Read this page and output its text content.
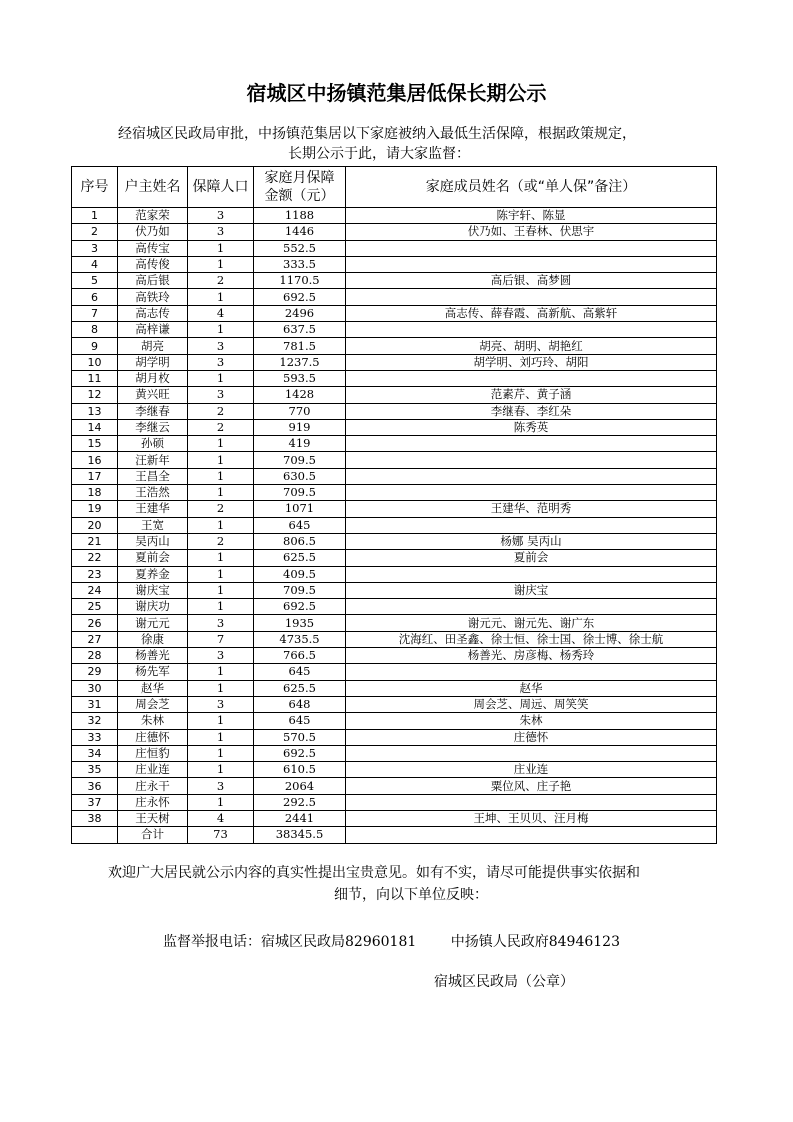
宿城区中扬镇范集居低保长期公示

经宿城区民政局审批，中扬镇范集居以下家庭被纳入最低生活保障，根据政策规定，

长期公示于此，请大家监督：

序号	户主姓名	保障人口	家庭月保障
金额（元）	家庭成员姓名（或“单人保”备注）
1	范家荣	3	1188	陈宇轩、陈显
2	伏乃如	3	1446	伏乃如、王春林、伏思宇
3	高传宝	1	552.5	
4	高传俊	1	333.5	
5	高后银	2	1170.5	高后银、高梦圆
6	高铁玲	1	692.5	
7	高志传	4	2496	高志传、薛春霞、高新航、高紫轩
8	高梓谦	1	637.5	
9	胡亮	3	781.5	胡亮、胡明、胡艳红
10	胡学明	3	1237.5	胡学明、刘巧玲、胡阳
11	胡月枚	1	593.5	
12	黄兴旺	3	1428	范素芹、黄子涵
13	李继春	2	770	李继春、李红朵
14	李继云	2	919	陈秀英
15	孙硕	1	419	
16	汪新年	1	709.5	
17	王昌全	1	630.5	
18	王浩然	1	709.5	
19	王建华	2	1071	王建华、范明秀
20	王宽	1	645	
21	吴丙山	2	806.5	杨娜 吴丙山
22	夏前会	1	625.5	夏前会
23	夏养金	1	409.5	
24	谢庆宝	1	709.5	谢庆宝
25	谢庆功	1	692.5	
26	谢元元	3	1935	谢元元、谢元先、谢广东
27	徐康	7	4735.5	沈海红、田圣鑫、徐士恒、徐士国、徐士博、徐士航
28	杨善光	3	766.5	杨善光、房彦梅、杨秀玲
29	杨先军	1	645	
30	赵华	1	625.5	赵华
31	周会芝	3	648	周会芝、周远、周笑笑
32	朱林	1	645	朱林
33	庄德怀	1	570.5	庄德怀
34	庄恒豹	1	692.5	
35	庄业连	1	610.5	庄业连
36	庄永干	3	2064	粟位风、庄子艳
37	庄永怀	1	292.5	
38	王天树	4	2441	王坤、王贝贝、汪月梅
	合计	73	38345.5	

欢迎广大居民就公示内容的真实性提出宝贵意见。如有不实，请尽可能提供事实依据和

细节，向以下单位反映：

监督举报电话：宿城区民政局82960181 中扬镇人民政府84946123
宿城区民政局（公章）
